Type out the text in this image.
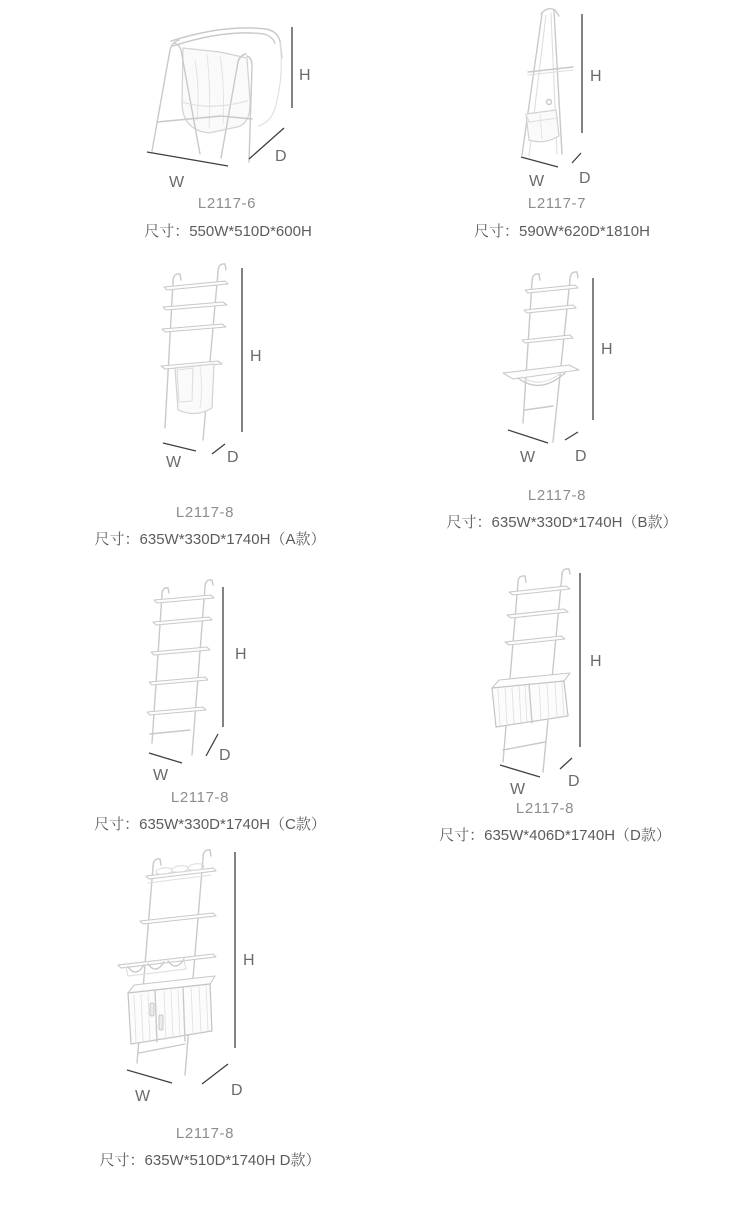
H
W
D
L2117-6
尺寸：550W*510D*600H
H
W D
L2117-7
尺寸：590W*620D*1810H
H
W	D
L2117-8
尺寸：635W*330D*1740H（A款）
H
W D
L2117-8
尺寸：635W*330D*1740H（B款）
H
W
D
L2117-8
尺寸：635W*330D*1740H（C款）
H
W	D
L2117-8
尺寸：635W*406D*1740H（D款）
H
W	D
L2117-8
尺寸：635W*510D*1740H D款）
